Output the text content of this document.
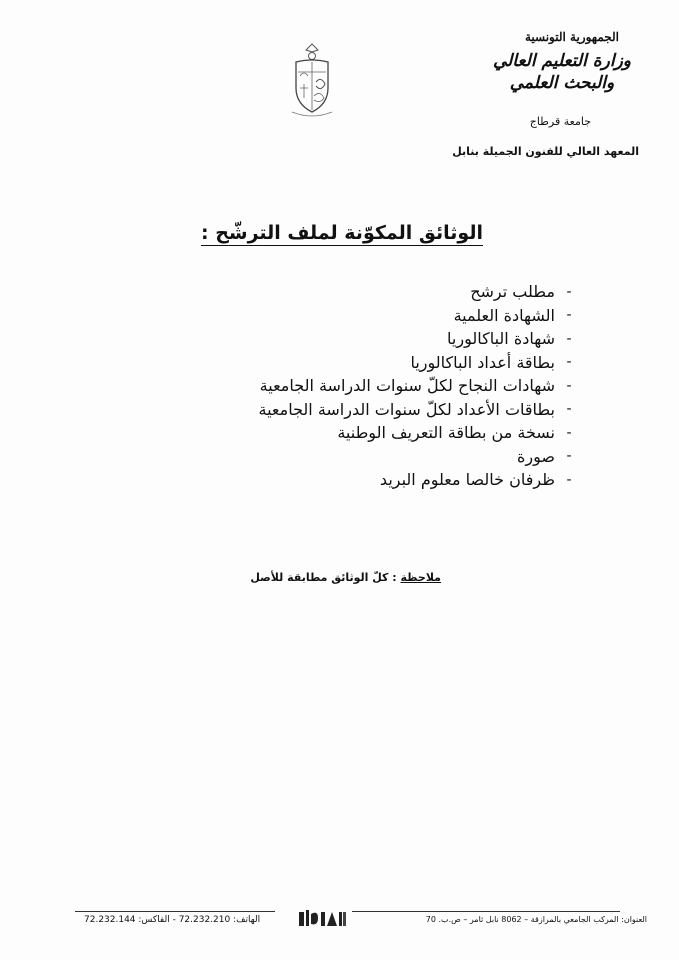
الجمهورية التونسية
وزارة التعليم العالي
والبحث العلمي
جامعة قرطاج
المعهد العالي للفنون الجميلة بنابل
الوثائق المكوّنة لملف الترشّح :
-
مطلب ترشح
-
الشهادة العلمية
-
شهادة الباكالوريا
-
بطاقة أعداد الباكالوريا
-
شهادات النجاح لكلّ سنوات الدراسة الجامعية
-
بطاقات الأعداد لكلّ سنوات الدراسة الجامعية
-
نسخة من بطاقة التعريف الوطنية
-
صورة
-
ظرفان خالصا معلوم البريد
ملاحظة : كلّ الوثائق مطابقة للأصل
العنوان: المركب الجامعي بالمرازقة – 8062 نابل ثامر – ص.ب. 70
الهاتف: 72.232.210 - الفاكس: 72.232.144
